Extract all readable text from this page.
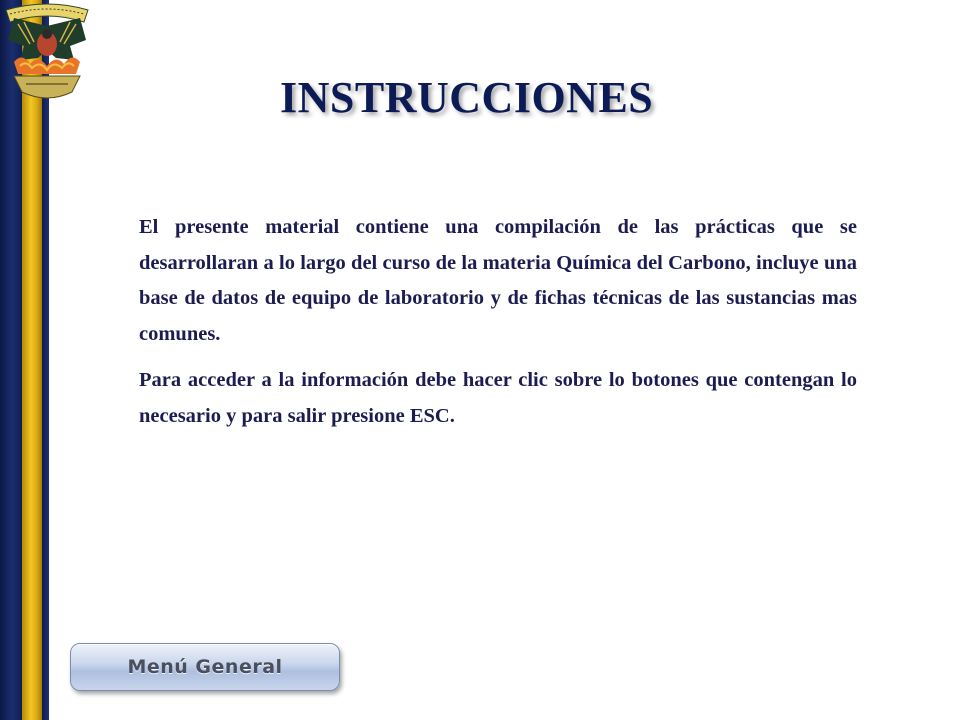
INSTRUCCIONES

El presente material contiene una compilación de las prácticas que se desarrollaran a lo largo del curso de la materia Química del Carbono, incluye una base de datos de equipo de laboratorio y de fichas técnicas de las sustancias mas comunes.

Para acceder a la información debe hacer clic sobre lo botones que contengan lo necesario y para salir presione ESC.

Menú General
